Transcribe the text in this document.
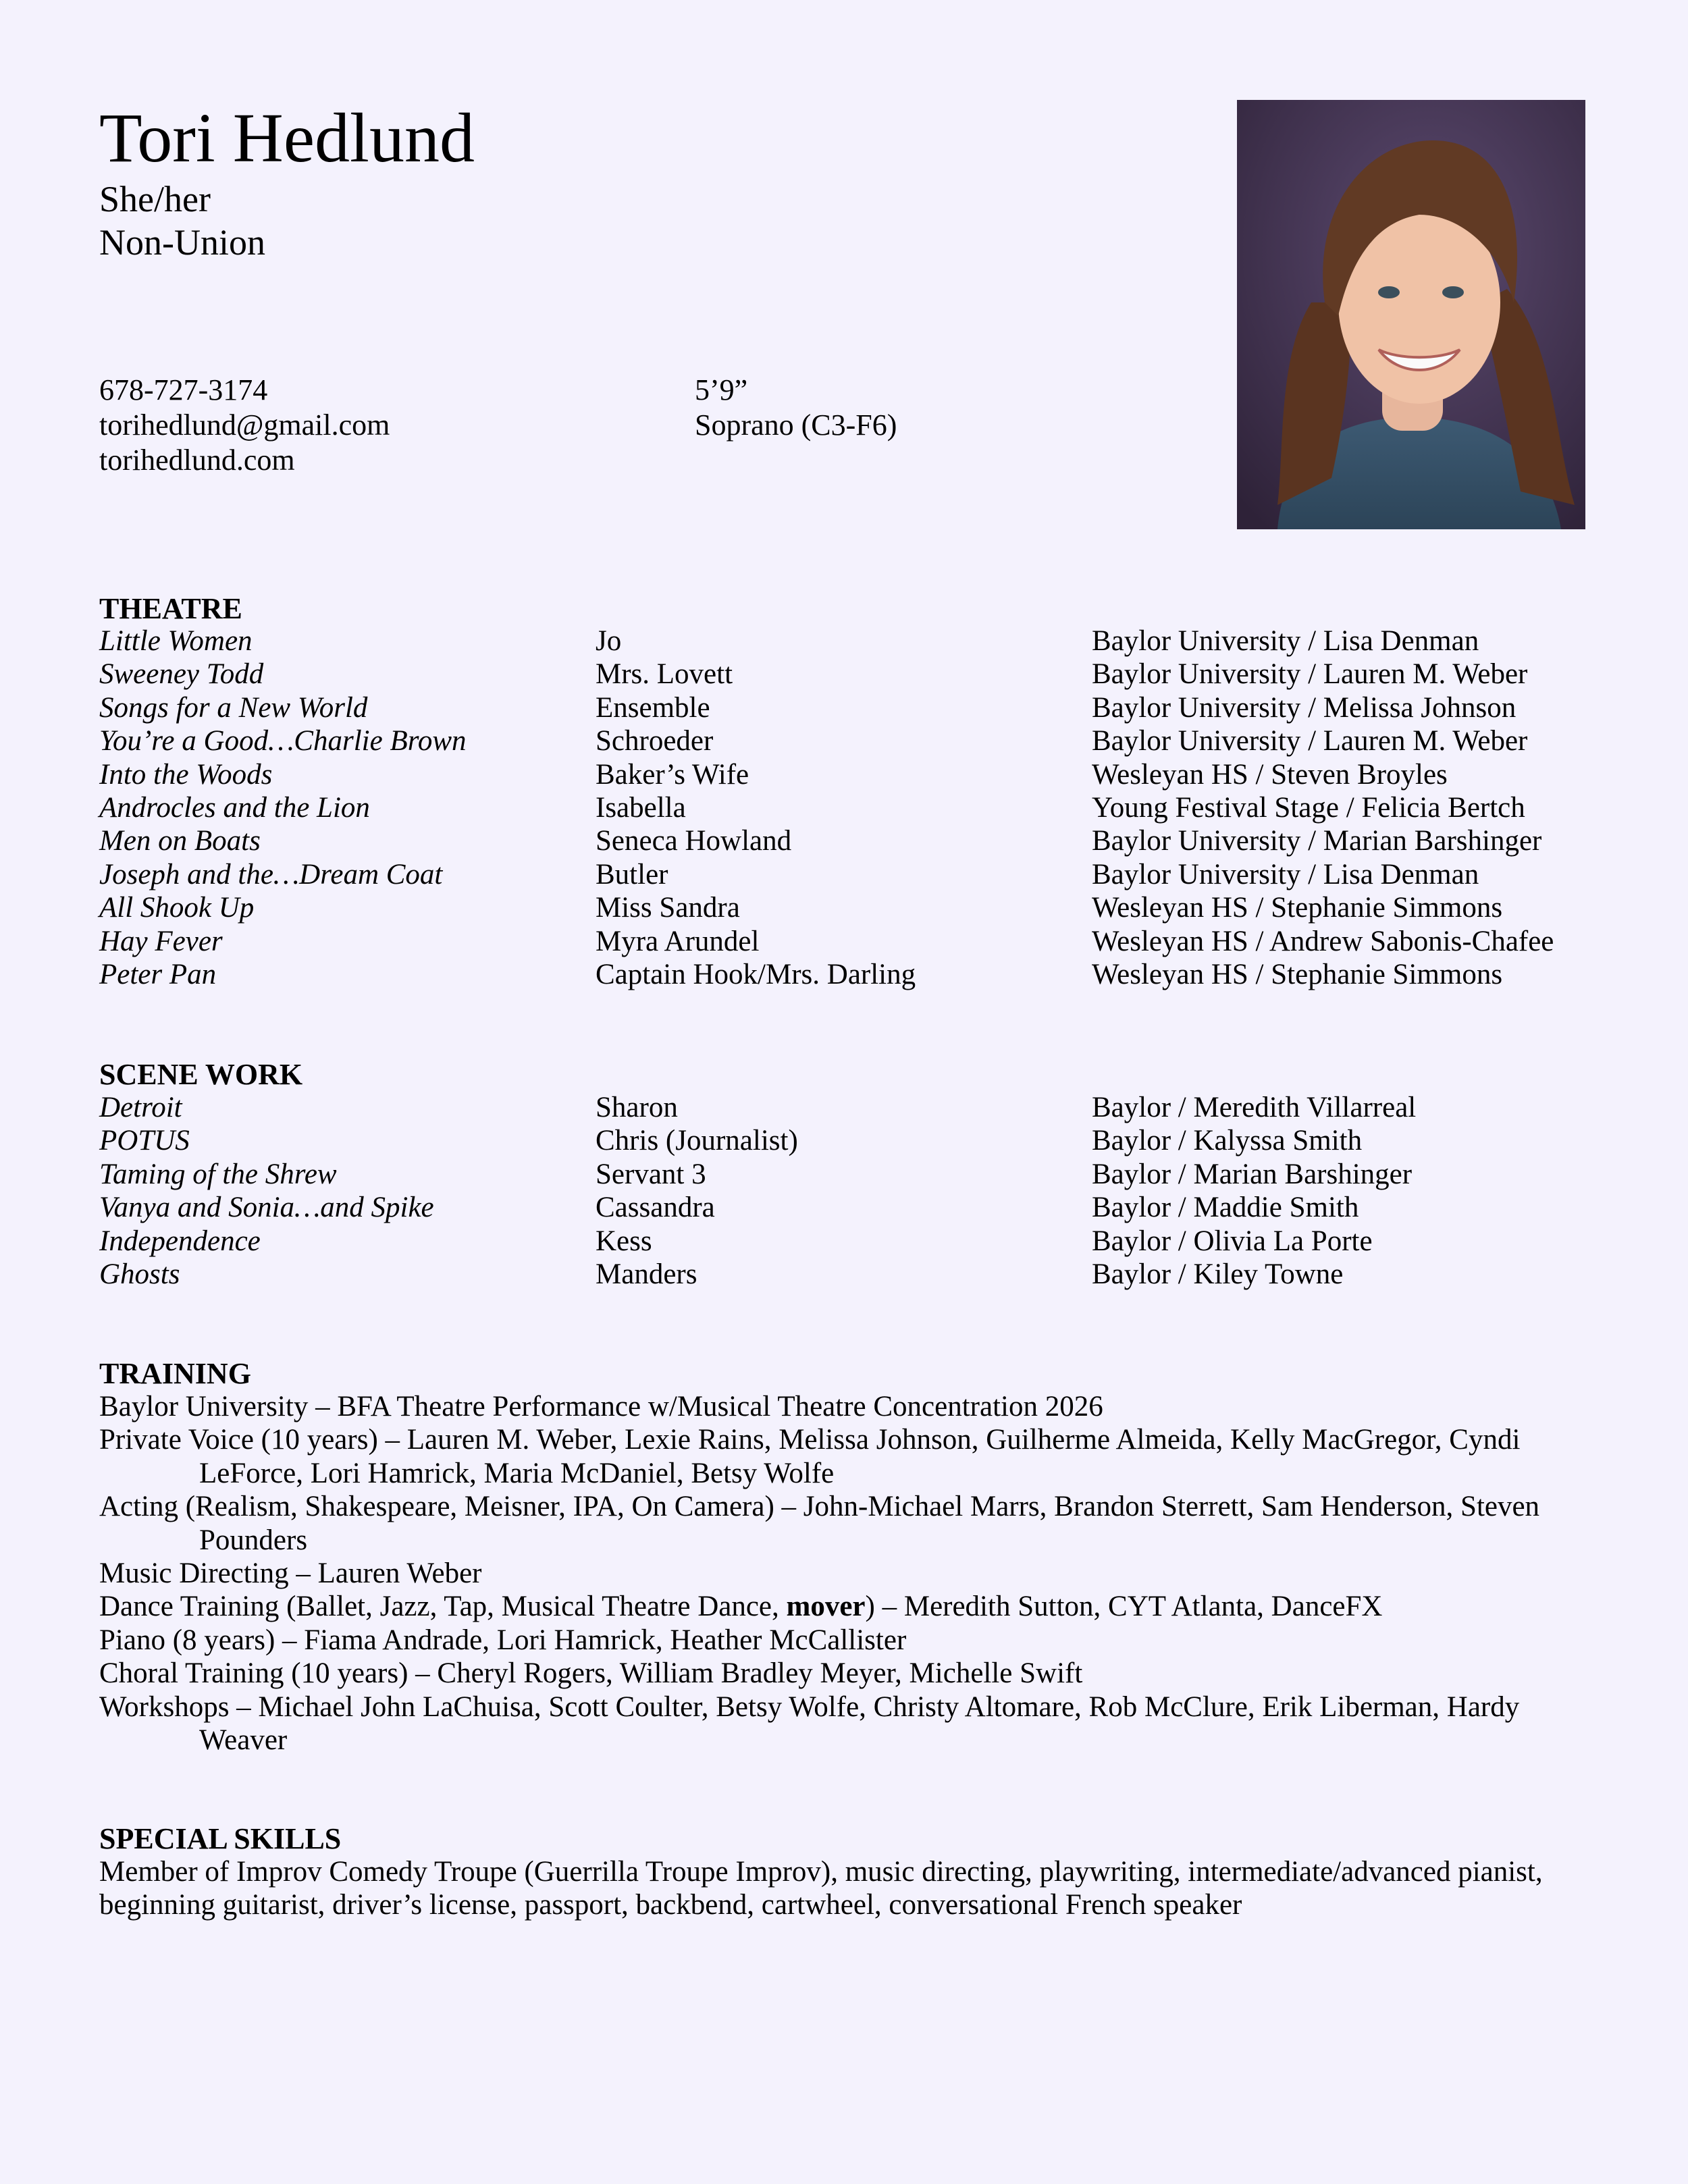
Tori Hedlund
She/her
Non-Union
678-727-3174
torihedlund@gmail.com
torihedlund.com
5’9”
Soprano (C3-F6)
THEATRE
Little Women	Jo	Baylor University / Lisa Denman
Sweeney Todd	Mrs. Lovett	Baylor University / Lauren M. Weber
Songs for a New World	Ensemble	Baylor University / Melissa Johnson
You’re a Good…Charlie Brown	Schroeder	Baylor University / Lauren M. Weber
Into the Woods	Baker’s Wife	Wesleyan HS / Steven Broyles
Androcles and the Lion	Isabella	Young Festival Stage / Felicia Bertch
Men on Boats	Seneca Howland	Baylor University / Marian Barshinger
Joseph and the…Dream Coat	Butler	Baylor University / Lisa Denman
All Shook Up	Miss Sandra	Wesleyan HS / Stephanie Simmons
Hay Fever	Myra Arundel	Wesleyan HS / Andrew Sabonis-Chafee
Peter Pan	Captain Hook/Mrs. Darling	Wesleyan HS / Stephanie Simmons
SCENE WORK
Detroit	Sharon	Baylor / Meredith Villarreal
POTUS	Chris (Journalist)	Baylor / Kalyssa Smith
Taming of the Shrew	Servant 3	Baylor / Marian Barshinger
Vanya and Sonia…and Spike	Cassandra	Baylor / Maddie Smith
Independence	Kess	Baylor / Olivia La Porte
Ghosts	Manders	Baylor / Kiley Towne
TRAINING
Baylor University – BFA Theatre Performance w/Musical Theatre Concentration 2026
Private Voice (10 years) – Lauren M. Weber, Lexie Rains, Melissa Johnson, Guilherme Almeida, Kelly MacGregor, Cyndi LeForce, Lori Hamrick, Maria McDaniel, Betsy Wolfe
Acting (Realism, Shakespeare, Meisner, IPA, On Camera) – John-Michael Marrs, Brandon Sterrett, Sam Henderson, Steven Pounders
Music Directing – Lauren Weber
Dance Training (Ballet, Jazz, Tap, Musical Theatre Dance, mover) – Meredith Sutton, CYT Atlanta, DanceFX
Piano (8 years) – Fiama Andrade, Lori Hamrick, Heather McCallister
Choral Training (10 years) – Cheryl Rogers, William Bradley Meyer, Michelle Swift
Workshops – Michael John LaChuisa, Scott Coulter, Betsy Wolfe, Christy Altomare, Rob McClure, Erik Liberman, Hardy Weaver
SPECIAL SKILLS
Member of Improv Comedy Troupe (Guerrilla Troupe Improv), music directing, playwriting, intermediate/advanced pianist,
beginning guitarist, driver’s license, passport, backbend, cartwheel, conversational French speaker
